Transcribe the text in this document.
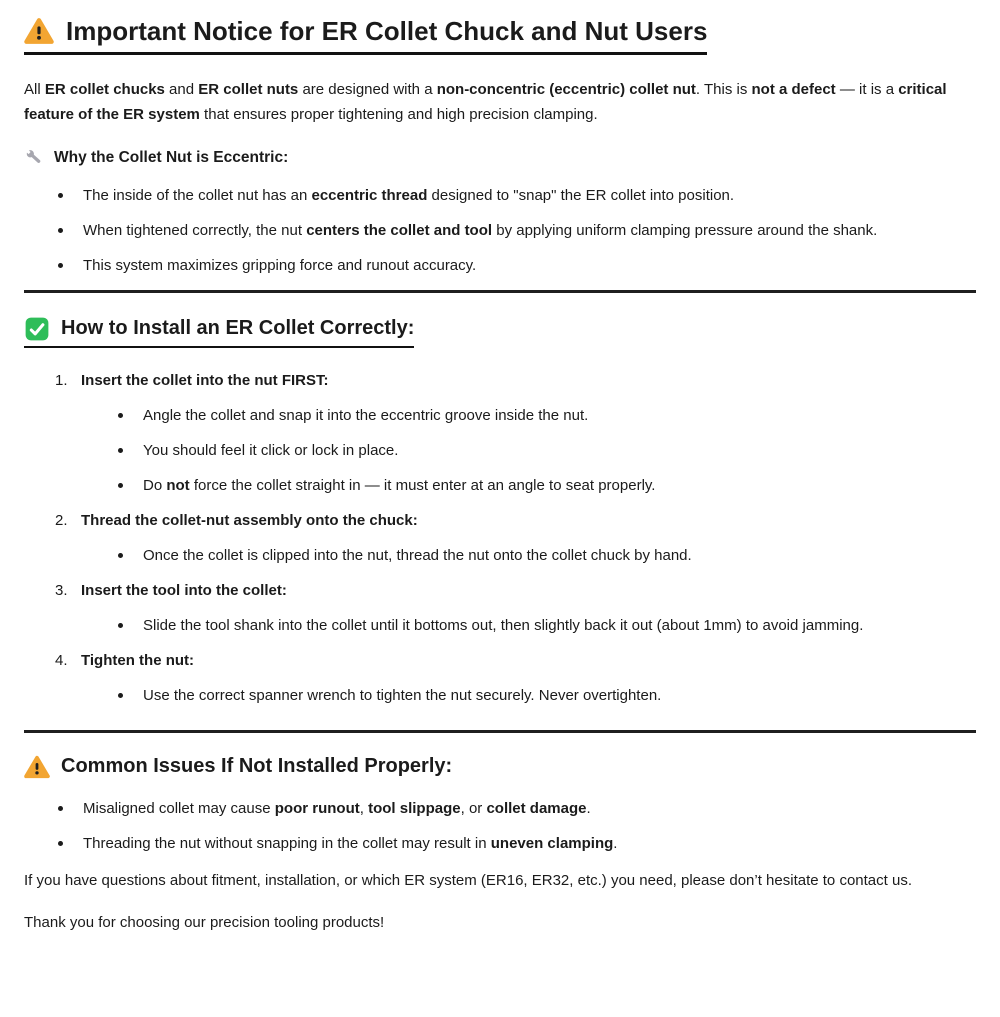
Important Notice for ER Collet Chuck and Nut Users

All ER collet chucks and ER collet nuts are designed with a non-concentric (eccentric) collet nut. This is not a defect — it is a critical feature of the ER system that ensures proper tightening and high precision clamping.

Why the Collet Nut is Eccentric:
The inside of the collet nut has an eccentric thread designed to "snap" the ER collet into position.
When tightened correctly, the nut centers the collet and tool by applying uniform clamping pressure around the shank.
This system maximizes gripping force and runout accuracy.
How to Install an ER Collet Correctly:
Insert the collet into the nut FIRST:
Angle the collet and snap it into the eccentric groove inside the nut.
You should feel it click or lock in place.
Do not force the collet straight in — it must enter at an angle to seat properly.
Thread the collet-nut assembly onto the chuck:
Once the collet is clipped into the nut, thread the nut onto the collet chuck by hand.
Insert the tool into the collet:
Slide the tool shank into the collet until it bottoms out, then slightly back it out (about 1mm) to avoid jamming.
Tighten the nut:
Use the correct spanner wrench to tighten the nut securely. Never overtighten.
Common Issues If Not Installed Properly:
Misaligned collet may cause poor runout, tool slippage, or collet damage.
Threading the nut without snapping in the collet may result in uneven clamping.

If you have questions about fitment, installation, or which ER system (ER16, ER32, etc.) you need, please don’t hesitate to contact us.

Thank you for choosing our precision tooling products!
